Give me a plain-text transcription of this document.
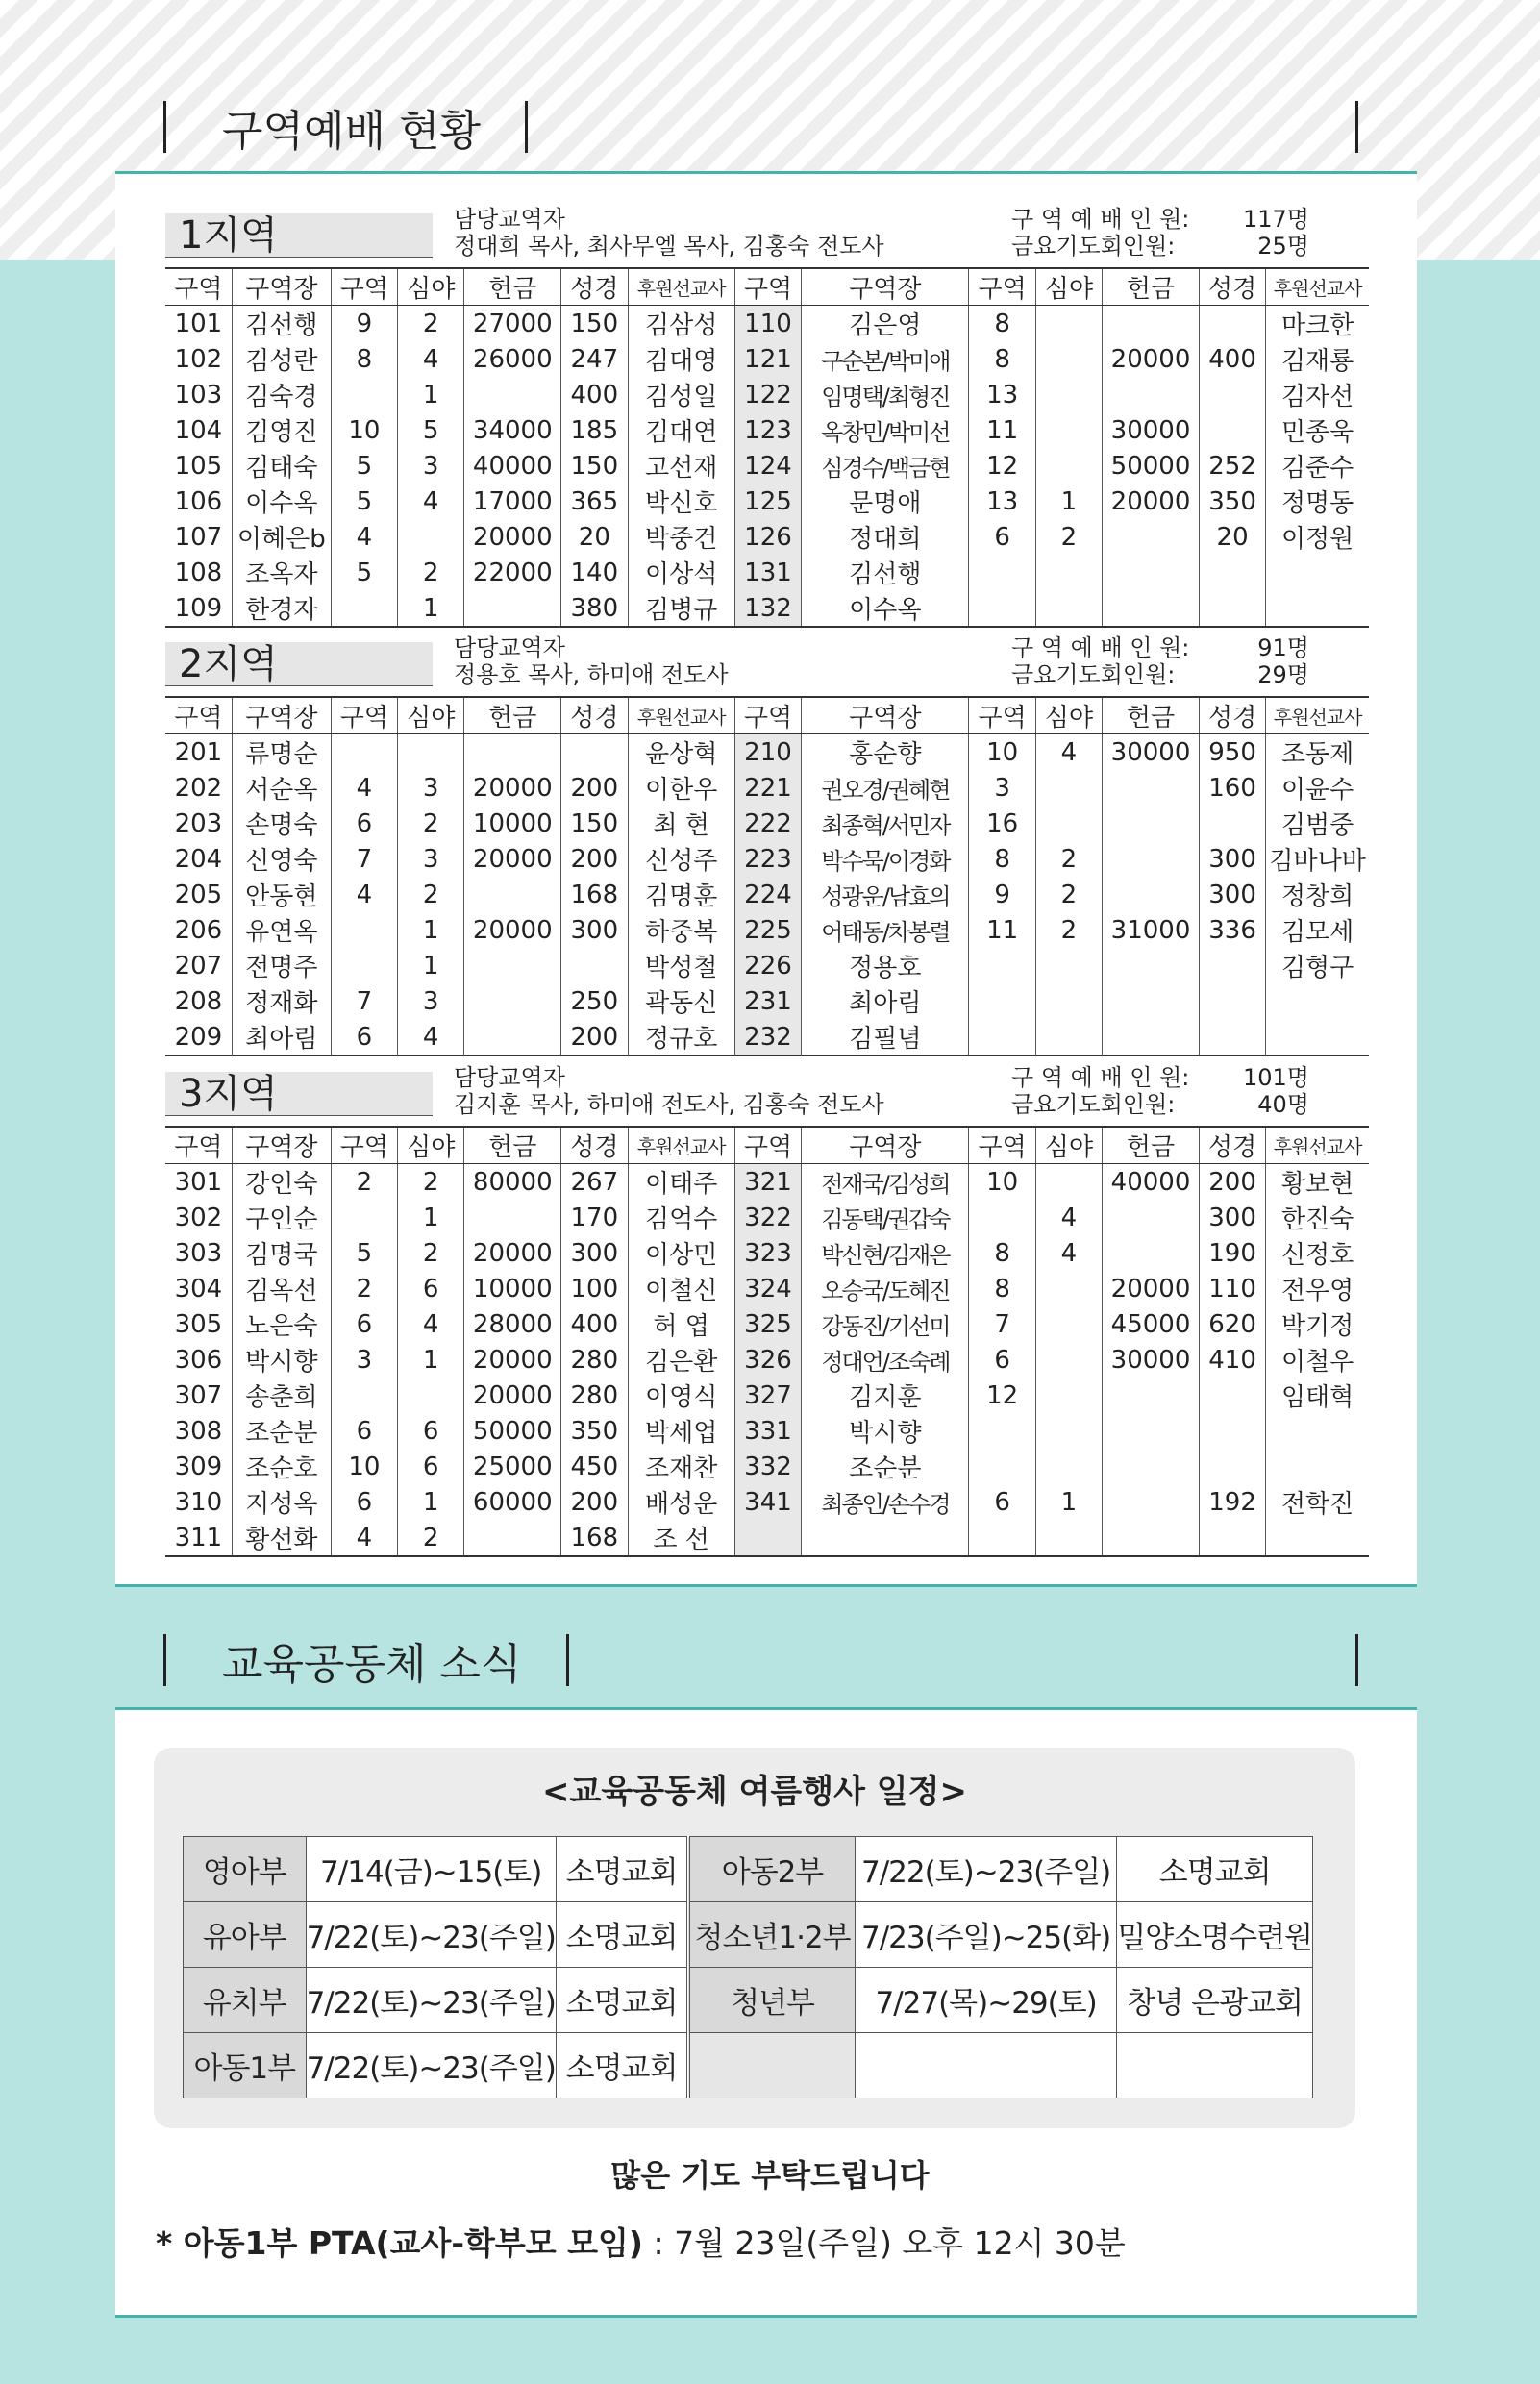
구역예배 현황
1지역	담당교역자
정대희 목사, 최사무엘 목사, 김홍숙 전도사
구 역 예 배 인 원:	117명
금요기도회인원:	25명
구역	구역장	구역	심야	헌금	성경	후원선교사	구역	구역장	구역	심야	헌금	성경	후원선교사
101	김선행	9	2	27000	150	김삼성	110	김은영	8				마크한
102	김성란	8	4	26000	247	김대영	121	구순본/박미애	8		20000	400	김재룡
103	김숙경		1		400	김성일	122	임명택/최형진	13				김자선
104	김영진	10	5	34000	185	김대연	123	옥창민/박미선	11		30000		민종욱
105	김태숙	5	3	40000	150	고선재	124	심경수/백금현	12		50000	252	김준수
106	이수옥	5	4	17000	365	박신호	125	문명애	13	1	20000	350	정명동
107	이혜은b	4		20000	20	박중건	126	정대희	6	2		20	이정원
108	조옥자	5	2	22000	140	이상석	131	김선행					
109	한경자		1		380	김병규	132	이수옥					
2지역	담당교역자
정용호 목사, 하미애 전도사
구 역 예 배 인 원:	91명
금요기도회인원:	29명
구역	구역장	구역	심야	헌금	성경	후원선교사	구역	구역장	구역	심야	헌금	성경	후원선교사
201	류명순					윤상혁	210	홍순향	10	4	30000	950	조동제
202	서순옥	4	3	20000	200	이한우	221	권오경/권혜현	3			160	이윤수
203	손명숙	6	2	10000	150	최 현	222	최종혁/서민자	16				김범중
204	신영숙	7	3	20000	200	신성주	223	박수묵/이경화	8	2		300	김바나바
205	안동현	4	2		168	김명훈	224	성광운/남효의	9	2		300	정창희
206	유연옥		1	20000	300	하중복	225	어태동/차봉렬	11	2	31000	336	김모세
207	전명주		1			박성철	226	정용호					김형구
208	정재화	7	3		250	곽동신	231	최아림					
209	최아림	6	4		200	정규호	232	김필념					
3지역	담당교역자
김지훈 목사, 하미애 전도사, 김홍숙 전도사
구 역 예 배 인 원:	101명
금요기도회인원:	40명
구역	구역장	구역	심야	헌금	성경	후원선교사	구역	구역장	구역	심야	헌금	성경	후원선교사
301	강인숙	2	2	80000	267	이태주	321	전재국/김성희	10		40000	200	황보현
302	구인순		1		170	김억수	322	김동택/권갑숙		4		300	한진숙
303	김명국	5	2	20000	300	이상민	323	박신현/김재은	8	4		190	신정호
304	김옥선	2	6	10000	100	이철신	324	오승국/도혜진	8		20000	110	전우영
305	노은숙	6	4	28000	400	허 엽	325	강동진/기선미	7		45000	620	박기정
306	박시향	3	1	20000	280	김은환	326	정대언/조숙례	6		30000	410	이철우
307	송춘희			20000	280	이영식	327	김지훈	12				임태혁
308	조순분	6	6	50000	350	박세업	331	박시향					
309	조순호	10	6	25000	450	조재찬	332	조순분					
310	지성옥	6	1	60000	200	배성운	341	최종인/손수경	6	1		192	전학진
311	황선화	4	2		168	조 선							
교육공동체 소식
<교육공동체 여름행사 일정>
영아부	7/14(금)~15(토)	소명교회	아동2부	7/22(토)~23(주일)	소명교회
유아부	7/22(토)~23(주일)	소명교회	청소년1·2부	7/23(주일)~25(화)	밀양소명수련원
유치부	7/22(토)~23(주일)	소명교회	청년부	7/27(목)~29(토)	창녕 은광교회
아동1부	7/22(토)~23(주일)	소명교회			
많은 기도 부탁드립니다
* 아동1부 PTA(교사-학부모 모임) : 7월 23일(주일) 오후 12시 30분
